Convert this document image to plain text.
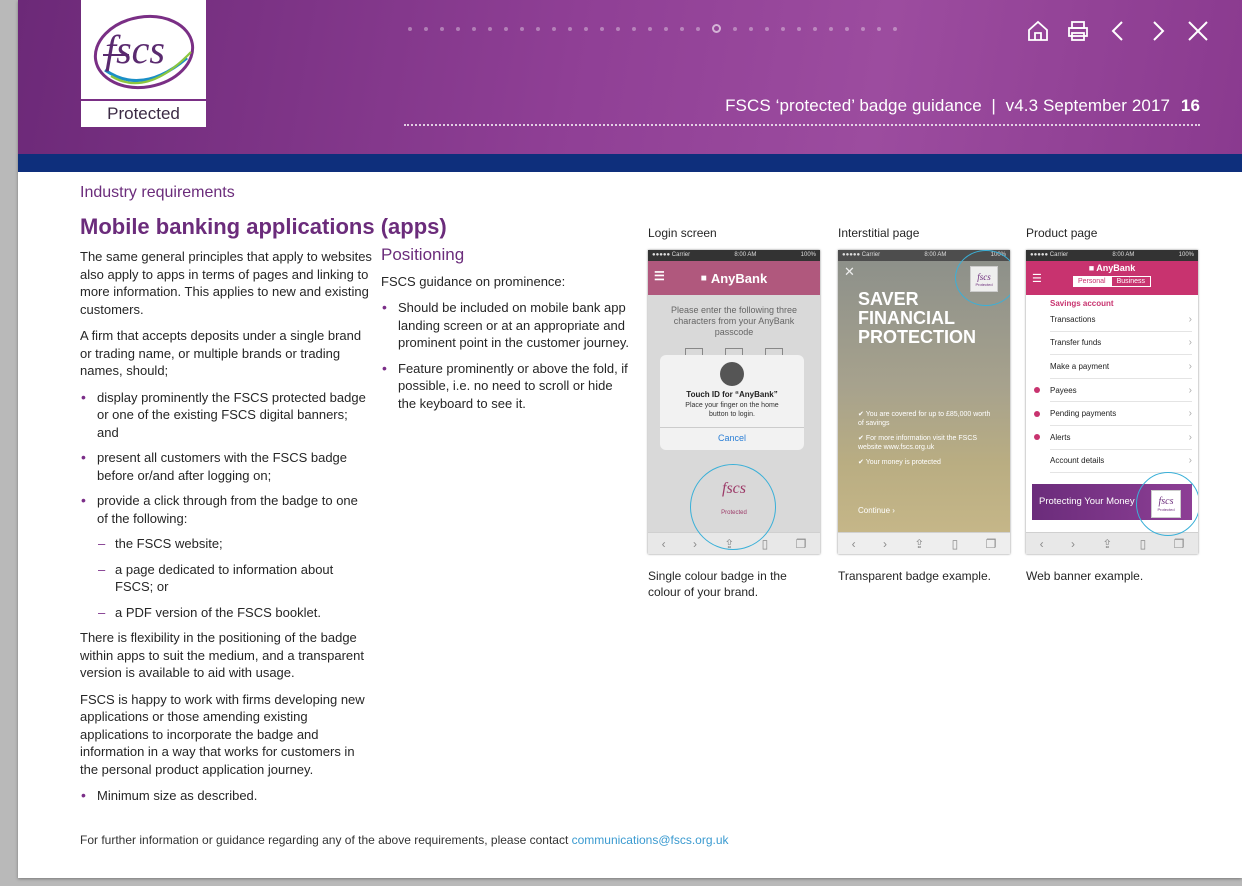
fscs
Protected	FSCS ‘protected’ badge guidance  |  v4.3 September 2017 16
Industry requirements
Mobile banking applications (apps)

The same general principles that apply to websites also apply to apps in terms of pages and linking to more information. This applies to new and existing customers.

A firm that accepts deposits under a single brand or trading name, or multiple brands or trading names, should;

• display prominently the FSCS protected badge or one of the existing FSCS digital banners; and
• present all customers with the FSCS badge before or/and after logging on;
• provide a click through from the badge to one of the following:
– the FSCS website;
– a page dedicated to information about FSCS; or
– a PDF version of the FSCS booklet.

There is flexibility in the positioning of the badge within apps to suit the medium, and a transparent version is available to aid with usage.

FSCS is happy to work with firms developing new applications or those amending existing applications to incorporate the badge and information in a way that works for customers in the personal product application journey.

• Minimum size as described.
Positioning

FSCS guidance on prominence:

• Should be included on mobile bank app landing screen or at an appropriate and prominent point in the customer journey.
• Feature prominently or above the fold, if possible, i.e. no need to scroll or hide the keyboard to see it.
Login screen
●●●●● Carrier	8:00 AM	100%
☰	■ AnyBank
Please enter the following three characters from your AnyBank passcode
Touch ID for “AnyBank”
Place your finger on the home button to login.
Cancel
fscs
Protected
‹ › ⇪ ▯ ❐
Single colour badge in the colour of your brand.
Interstitial page
●●●●● Carrier	8:00 AM	100%
✕
SAVER
FINANCIAL
PROTECTION
✔ You are covered for up to £85,000 worth of savings
✔ For more information visit the FSCS website www.fscs.org.uk
✔ Your money is protected
Continue ›
fscs
Protected
‹ › ⇪ ▯ ❐
Transparent badge example.
Product page
●●●●● Carrier	8:00 AM	100%
☰
■ AnyBank
Personal	Business
Savings account
Transactions	›
Transfer funds	›
Make a payment	›
Payees	›
Pending payments	›
Alerts	›
Account details	›
Protecting Your Money	fscs
Protected
‹ › ⇪ ▯ ❐
Web banner example.
For further information or guidance regarding any of the above requirements, please contact communications@fscs.org.uk
